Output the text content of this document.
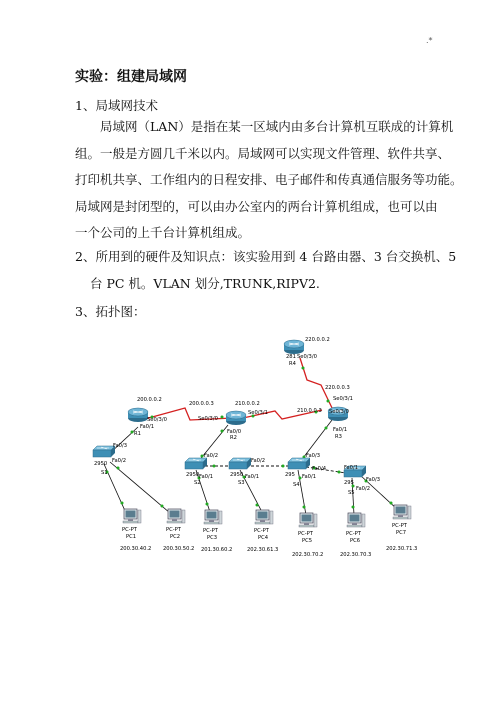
.*
实验：组建局域网
1、局域网技术
局域网（LAN）是指在某一区域内由多台计算机互联成的计算机
组。一般是方圆几千米以内。局域网可以实现文件管理、软件共享、
打印机共享、工作组内的日程安排、电子邮件和传真通信服务等功能。
局域网是封闭型的，可以由办公室内的两台计算机组成，也可以由
一个公司的上千台计算机组成。
2、所用到的硬件及知识点：该实验用到 4 台路由器、3 台交换机、5
台 PC 机。VLAN 划分,TRUNK,RIPV2.
3、拓扑图：
220.0.0.2
281 Se0/3/0
R4
220.0.0.3
200.0.0.2
Se0/3/0
Fa0/1
R1
200.0.0.3	210.0.0.2
Se0/3/0
Se0/3/1
Fa0/0
R2
210.0.0.3
Se0/3/1
Se0/3/0
Fa0/1
R3
Fa0/3
Fa0/2
2950
S1
Fa0/2
Fa0/1
2950
S2
Fa0/2
Fa0/1
2950
S3
Fa0/3
Fa0/4
Fa0/1
295
S4
Fa0/1
Fa0/3
Fa0/2
295
S5
PC-PT
PC1
200.30.40.2
PC-PT
PC2
200.30.50.2
PC-PT
PC3
201.30.60.2
PC-PT
PC4
202.30.61.3
PC-PT
PC5
202.30.70.2
PC-PT
PC6
202.30.70.3
PC-PT
PC7
202.30.71.3
